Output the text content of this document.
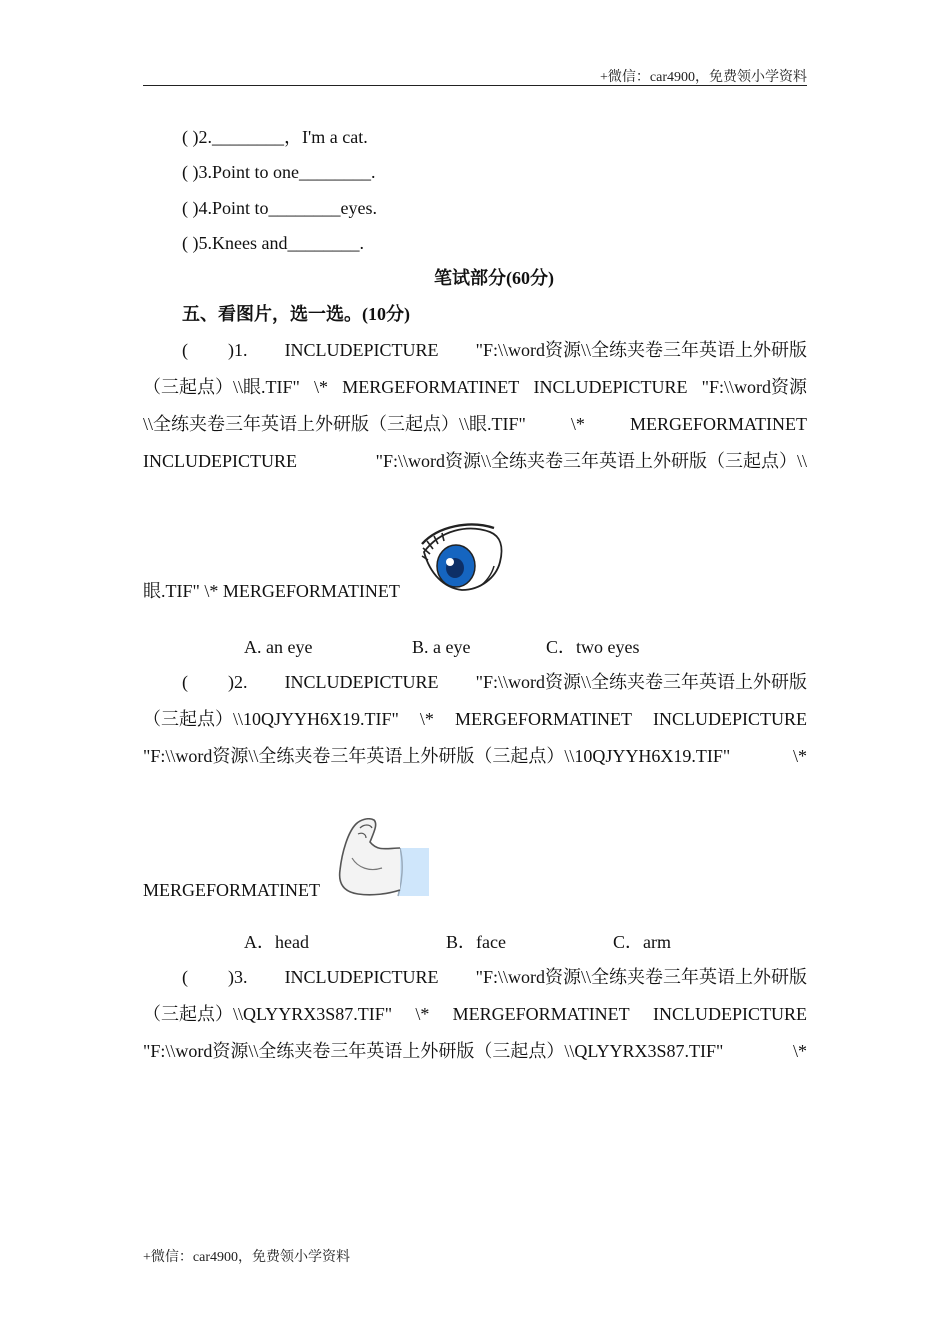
+微信：car4900，免费领小学资料
( )2.________，I'm a cat.
( )3.Point to one________.
( )4.Point to________eyes.
( )5.Knees and________.
笔试部分(60分)
五、看图片，选一选。(10分)
( )1. INCLUDEPICTURE "F:\\word资源\\全练夹卷三年英语上外研版
（三起点）\\眼.TIF" \* MERGEFORMATINET INCLUDEPICTURE "F:\\word资源
\\全练夹卷三年英语上外研版（三起点）\\眼.TIF"	\*	MERGEFORMATINET
INCLUDEPICTURE	"F:\\word资源\\全练夹卷三年英语上外研版（三起点）\\
眼.TIF" \* MERGEFORMATINET
A. an eye	B. a eye	C．two eyes
( )2. INCLUDEPICTURE "F:\\word资源\\全练夹卷三年英语上外研版
（三起点）\\10QJYYH6X19.TIF" \* MERGEFORMATINET INCLUDEPICTURE
"F:\\word资源\\全练夹卷三年英语上外研版（三起点）\\10QJYYH6X19.TIF"	\*
MERGEFORMATINET
A．head	B．face	C．arm
( )3. INCLUDEPICTURE "F:\\word资源\\全练夹卷三年英语上外研版
（三起点）\\QLYYRX3S87.TIF" \* MERGEFORMATINET INCLUDEPICTURE
"F:\\word资源\\全练夹卷三年英语上外研版（三起点）\\QLYYRX3S87.TIF"	\*
+微信：car4900，免费领小学资料
